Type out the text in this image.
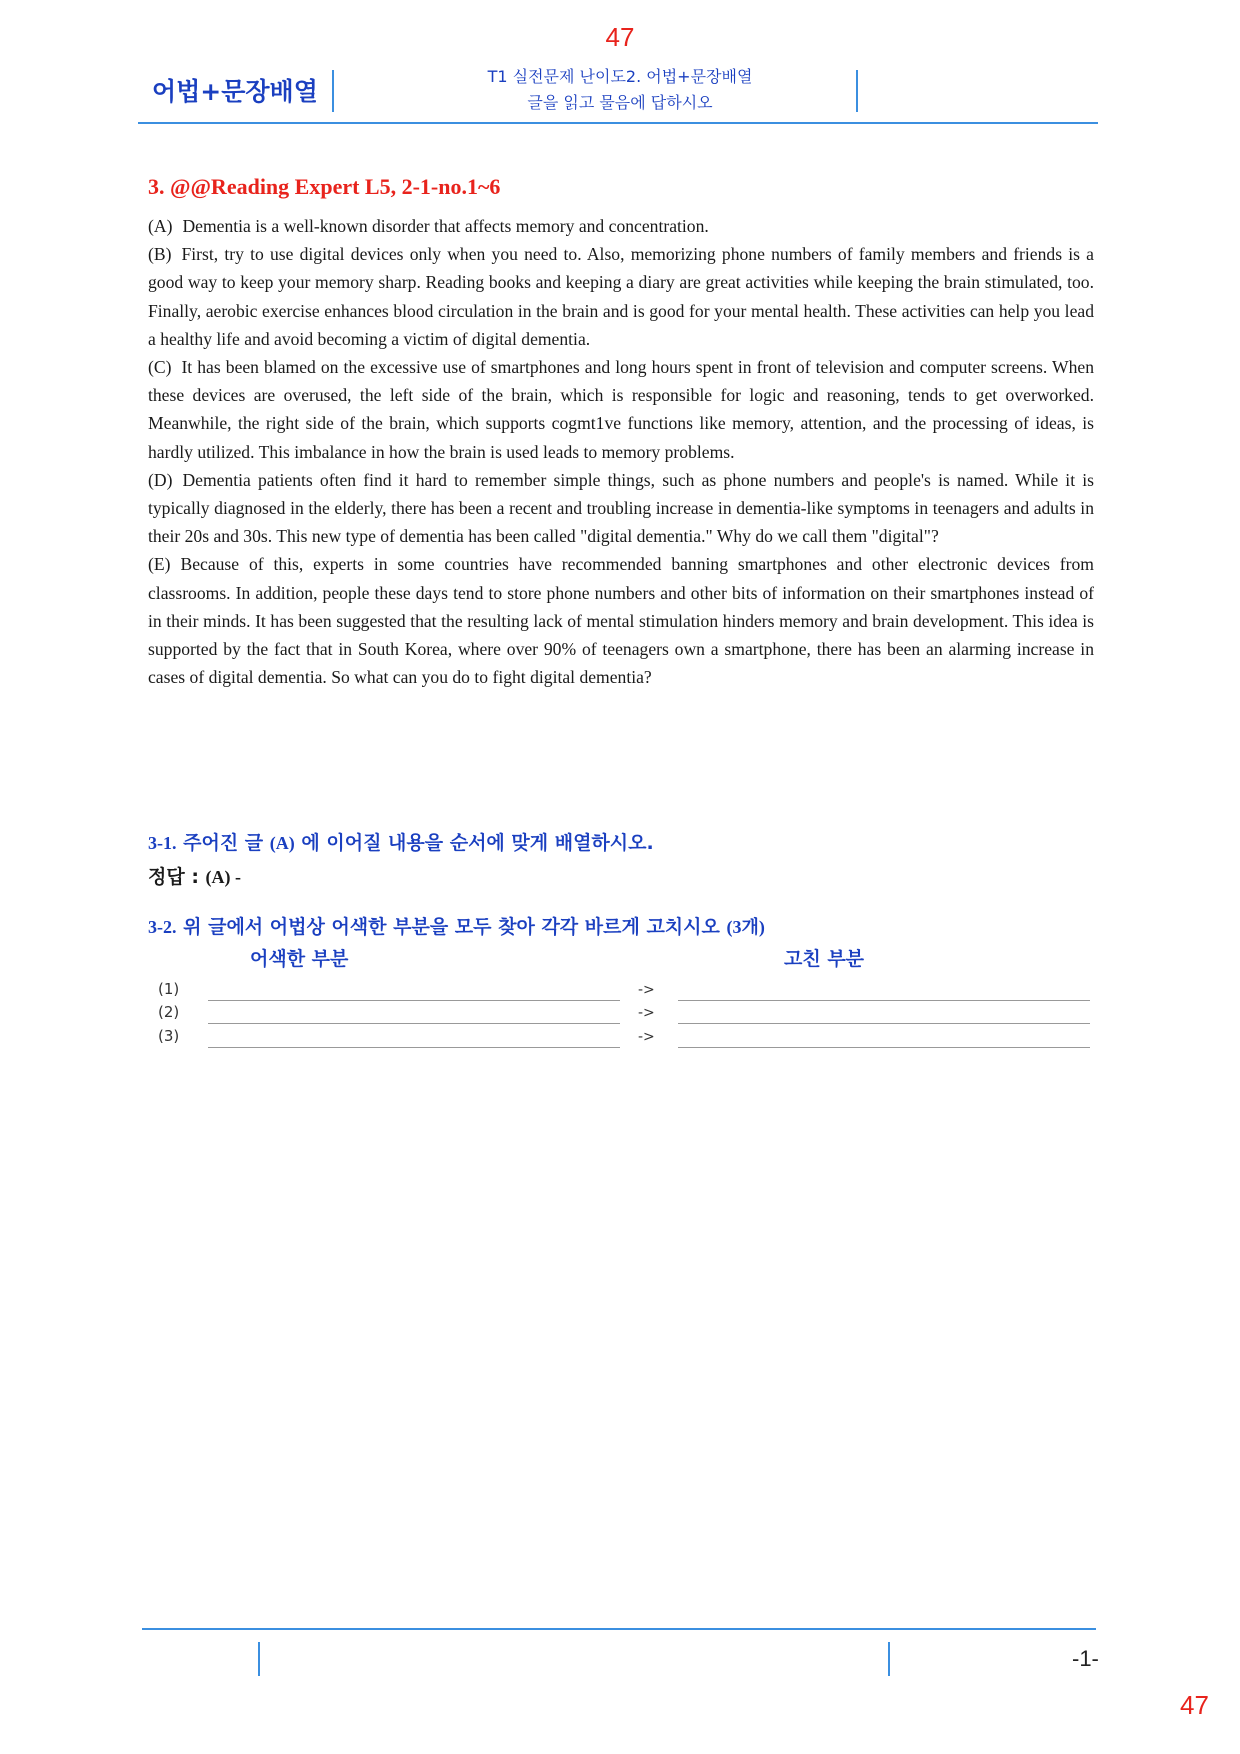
47
어법+문장배열
T1 실전문제 난이도2. 어법+문장배열
글을 읽고 물음에 답하시오
3. @@Reading Expert L5, 2-1-no.1~6

(A) Dementia is a well-known disorder that affects memory and concentration.

(B) First, try to use digital devices only when you need to. Also, memorizing phone numbers of family members and friends is a good way to keep your memory sharp. Reading books and keeping a diary are great activities while keeping the brain stimulated, too. Finally, aerobic exercise enhances blood circulation in the brain and is good for your mental health. These activities can help you lead a healthy life and avoid becoming a victim of digital dementia.

(C) It has been blamed on the excessive use of smartphones and long hours spent in front of television and computer screens. When these devices are overused, the left side of the brain, which is responsible for logic and reasoning, tends to get overworked. Meanwhile, the right side of the brain, which supports cogmt1ve functions like memory, attention, and the processing of ideas, is hardly utilized. This imbalance in how the brain is used leads to memory problems.

(D) Dementia patients often find it hard to remember simple things, such as phone numbers and people's is named. While it is typically diagnosed in the elderly, there has been a recent and troubling increase in dementia-like symptoms in teenagers and adults in their 20s and 30s. This new type of dementia has been called "digital dementia." Why do we call them "digital"?

(E) Because of this, experts in some countries have recommended banning smartphones and other electronic devices from classrooms. In addition, people these days tend to store phone numbers and other bits of information on their smartphones instead of in their minds. It has been suggested that the resulting lack of mental stimulation hinders memory and brain development. This idea is supported by the fact that in South Korea, where over 90% of teenagers own a smartphone, there has been an alarming increase in cases of digital dementia. So what can you do to fight digital dementia?

3-1. 주어진 글 (A) 에 이어질 내용을 순서에 맞게 배열하시오.
정답 : (A) -
3-2. 위 글에서 어법상 어색한 부분을 모두 찾아 각각 바르게 고치시오 (3개)
어색한 부분	고친 부분
(1)	->
(2)	->
(3)	->
-1-
47
